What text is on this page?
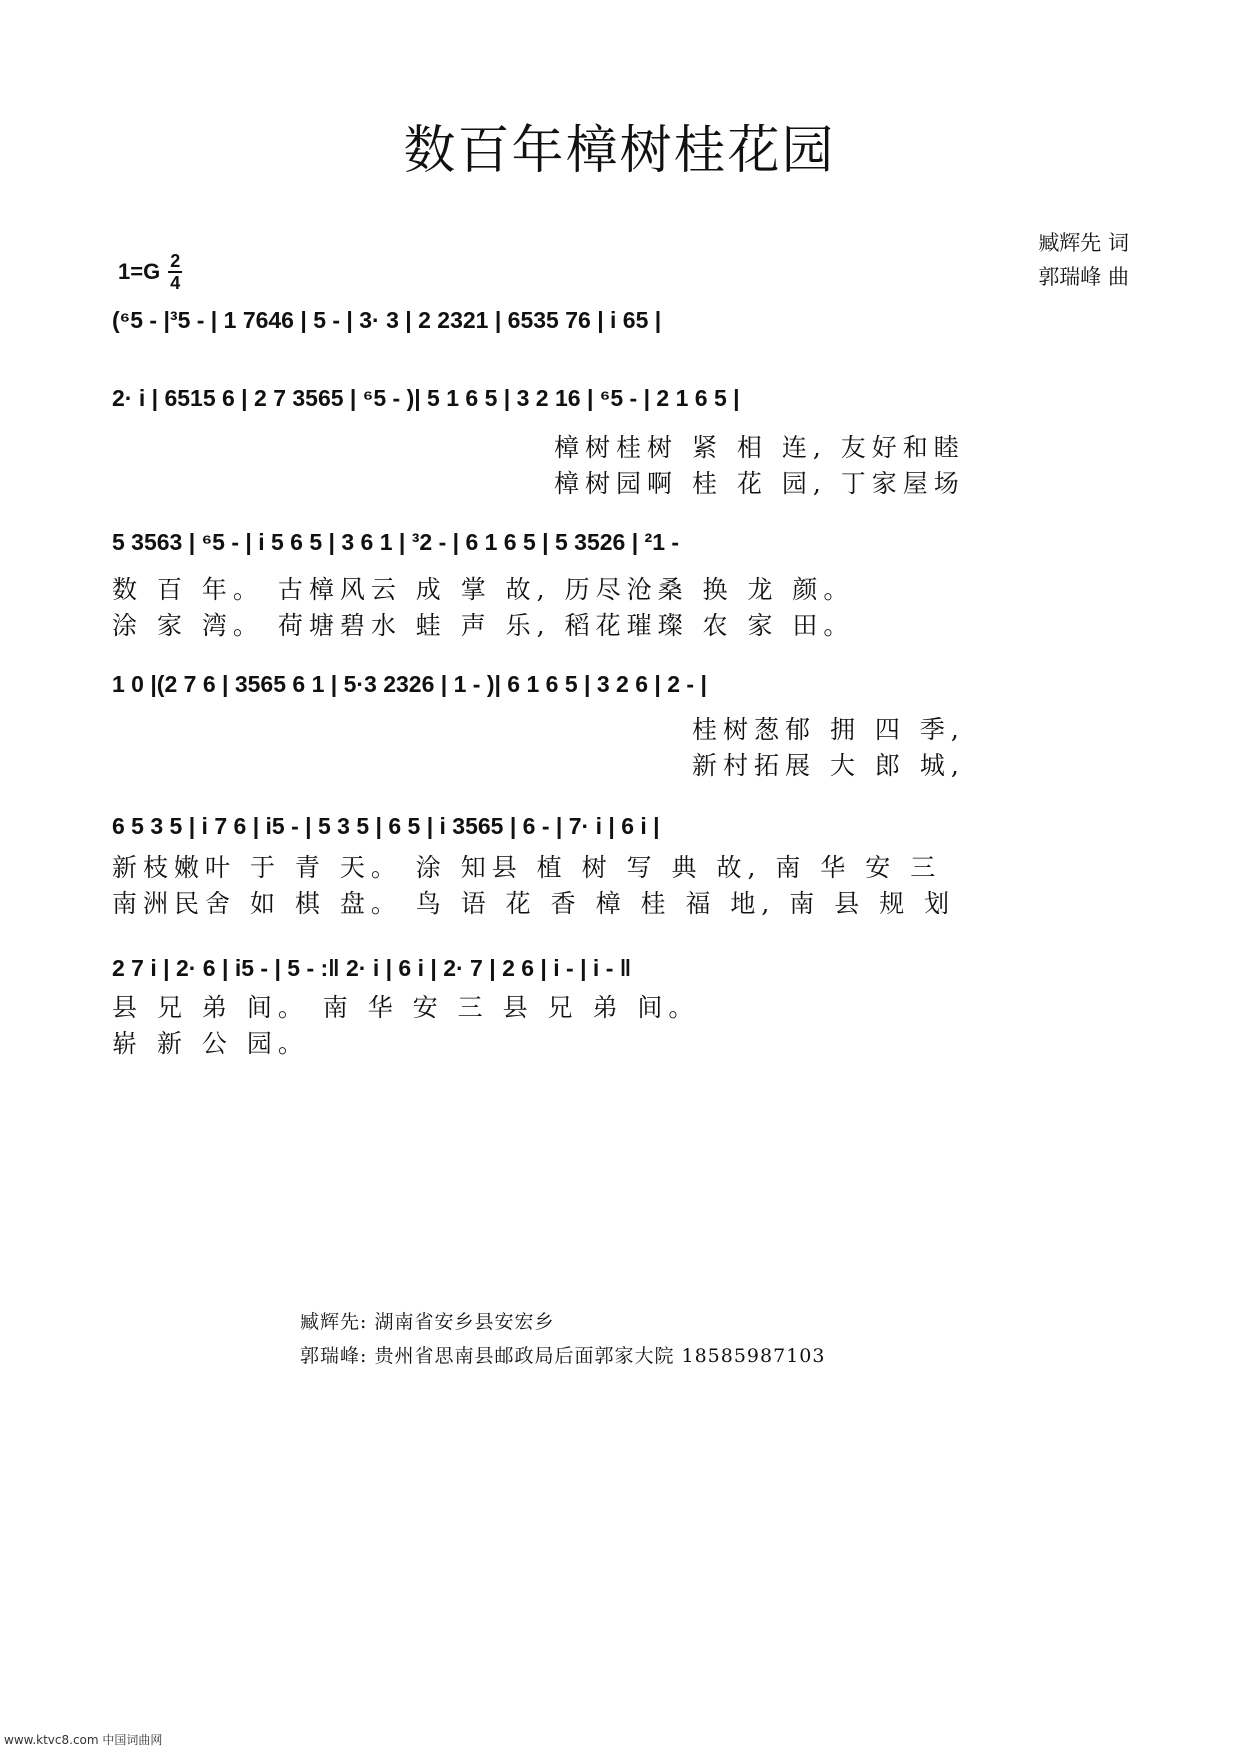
数百年樟树桂花园
$1=G \frac{2}{4}$
臧辉先 词
郭瑞峰 曲
(⁶5 - |³5 - | 1 7646 | 5 - | 3· 3 | 2 2321 | 6535 76 | i 65 |
2· i | 6515 6 | 2 7 3565 | ⁶5 - )| 5 1 6 5 | 3 2 16 | ⁶5 - | 2 1 6 5 |
樟树桂树 紧 相 连, 友好和睦
樟树园啊 桂 花 园, 丁家屋场
5 3563 | ⁶5 - | i 5 6 5 | 3 6 1 | ³2 - | 6 1 6 5 | 5 3526 | ²1 -
数 百 年。 古樟风云 成 掌 故, 历尽沧桑 换 龙 颜。
涂 家 湾。 荷塘碧水 蛙 声 乐, 稻花璀璨 农 家 田。
1 0 |(2 7 6 | 3565 6 1 | 5·3 2326 | 1 - )| 6 1 6 5 | 3 2 6 | 2 - |
桂树葱郁 拥 四 季,
新村拓展 大 郎 城,
6 5 3 5 | i 7 6 | i5 - | 5 3 5 | 6 5 | i 3565 | 6 - | 7· i | 6 i |
新枝嫩叶 于 青 天。 涂 知县 植 树 写 典 故, 南 华 安 三
南洲民舍 如 棋 盘。 鸟 语 花 香 樟 桂 福 地, 南 县 规 划
2 7 i | 2· 6 | i5 - | 5 - :‖ 2· i | 6 i | 2· 7 | 2 6 | i - | i - ‖
县 兄 弟 间。 南 华 安 三 县 兄 弟 间。
崭 新 公 园。
臧辉先: 湖南省安乡县安宏乡
郭瑞峰: 贵州省思南县邮政局后面郭家大院 18585987103
www.ktvc8.com 中国词曲网
